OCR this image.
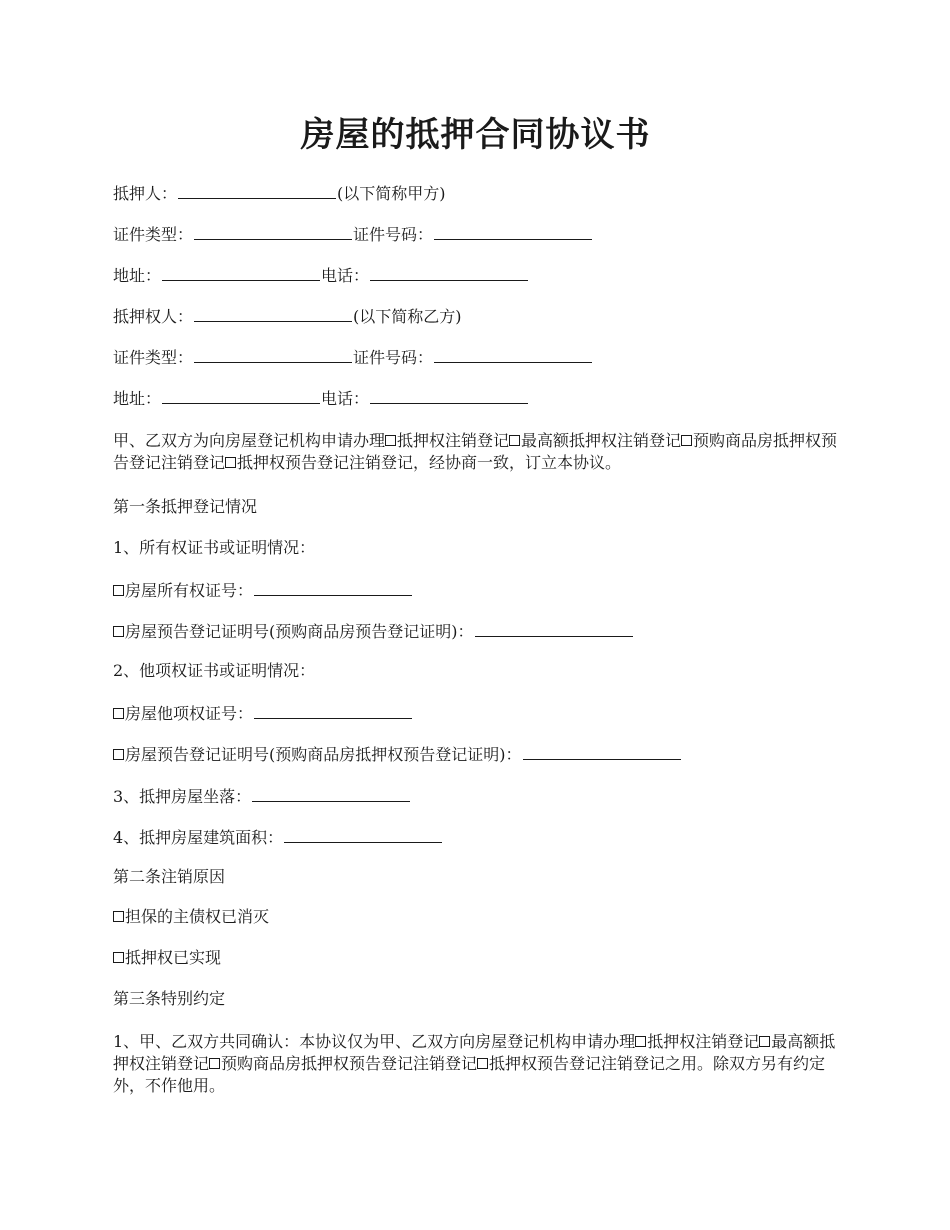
房屋的抵押合同协议书

抵押人：	(以下简称甲方)

证件类型：	证件号码：

地址：	电话：

抵押权人：	(以下简称乙方)

证件类型：	证件号码：

地址：	电话：

甲、乙双方为向房屋登记机构申请办理 抵押权注销登记 最高额抵押权注销登记 预购商品房抵押权预告登记注销登记 抵押权预告登记注销登记，经协商一致，订立本协议。

第一条抵押登记情况

1、所有权证书或证明情况：

房屋所有权证号：

房屋预告登记证明号(预购商品房预告登记证明)：

2、他项权证书或证明情况：

房屋他项权证号：

房屋预告登记证明号(预购商品房抵押权预告登记证明)：

3、抵押房屋坐落：

4、抵押房屋建筑面积：

第二条注销原因

担保的主债权已消灭

抵押权已实现

第三条特别约定

1、甲、乙双方共同确认：本协议仅为甲、乙双方向房屋登记机构申请办理 抵押权注销登记 最高额抵押权注销登记 预购商品房抵押权预告登记注销登记 抵押权预告登记注销登记之用。除双方另有约定外，不作他用。
